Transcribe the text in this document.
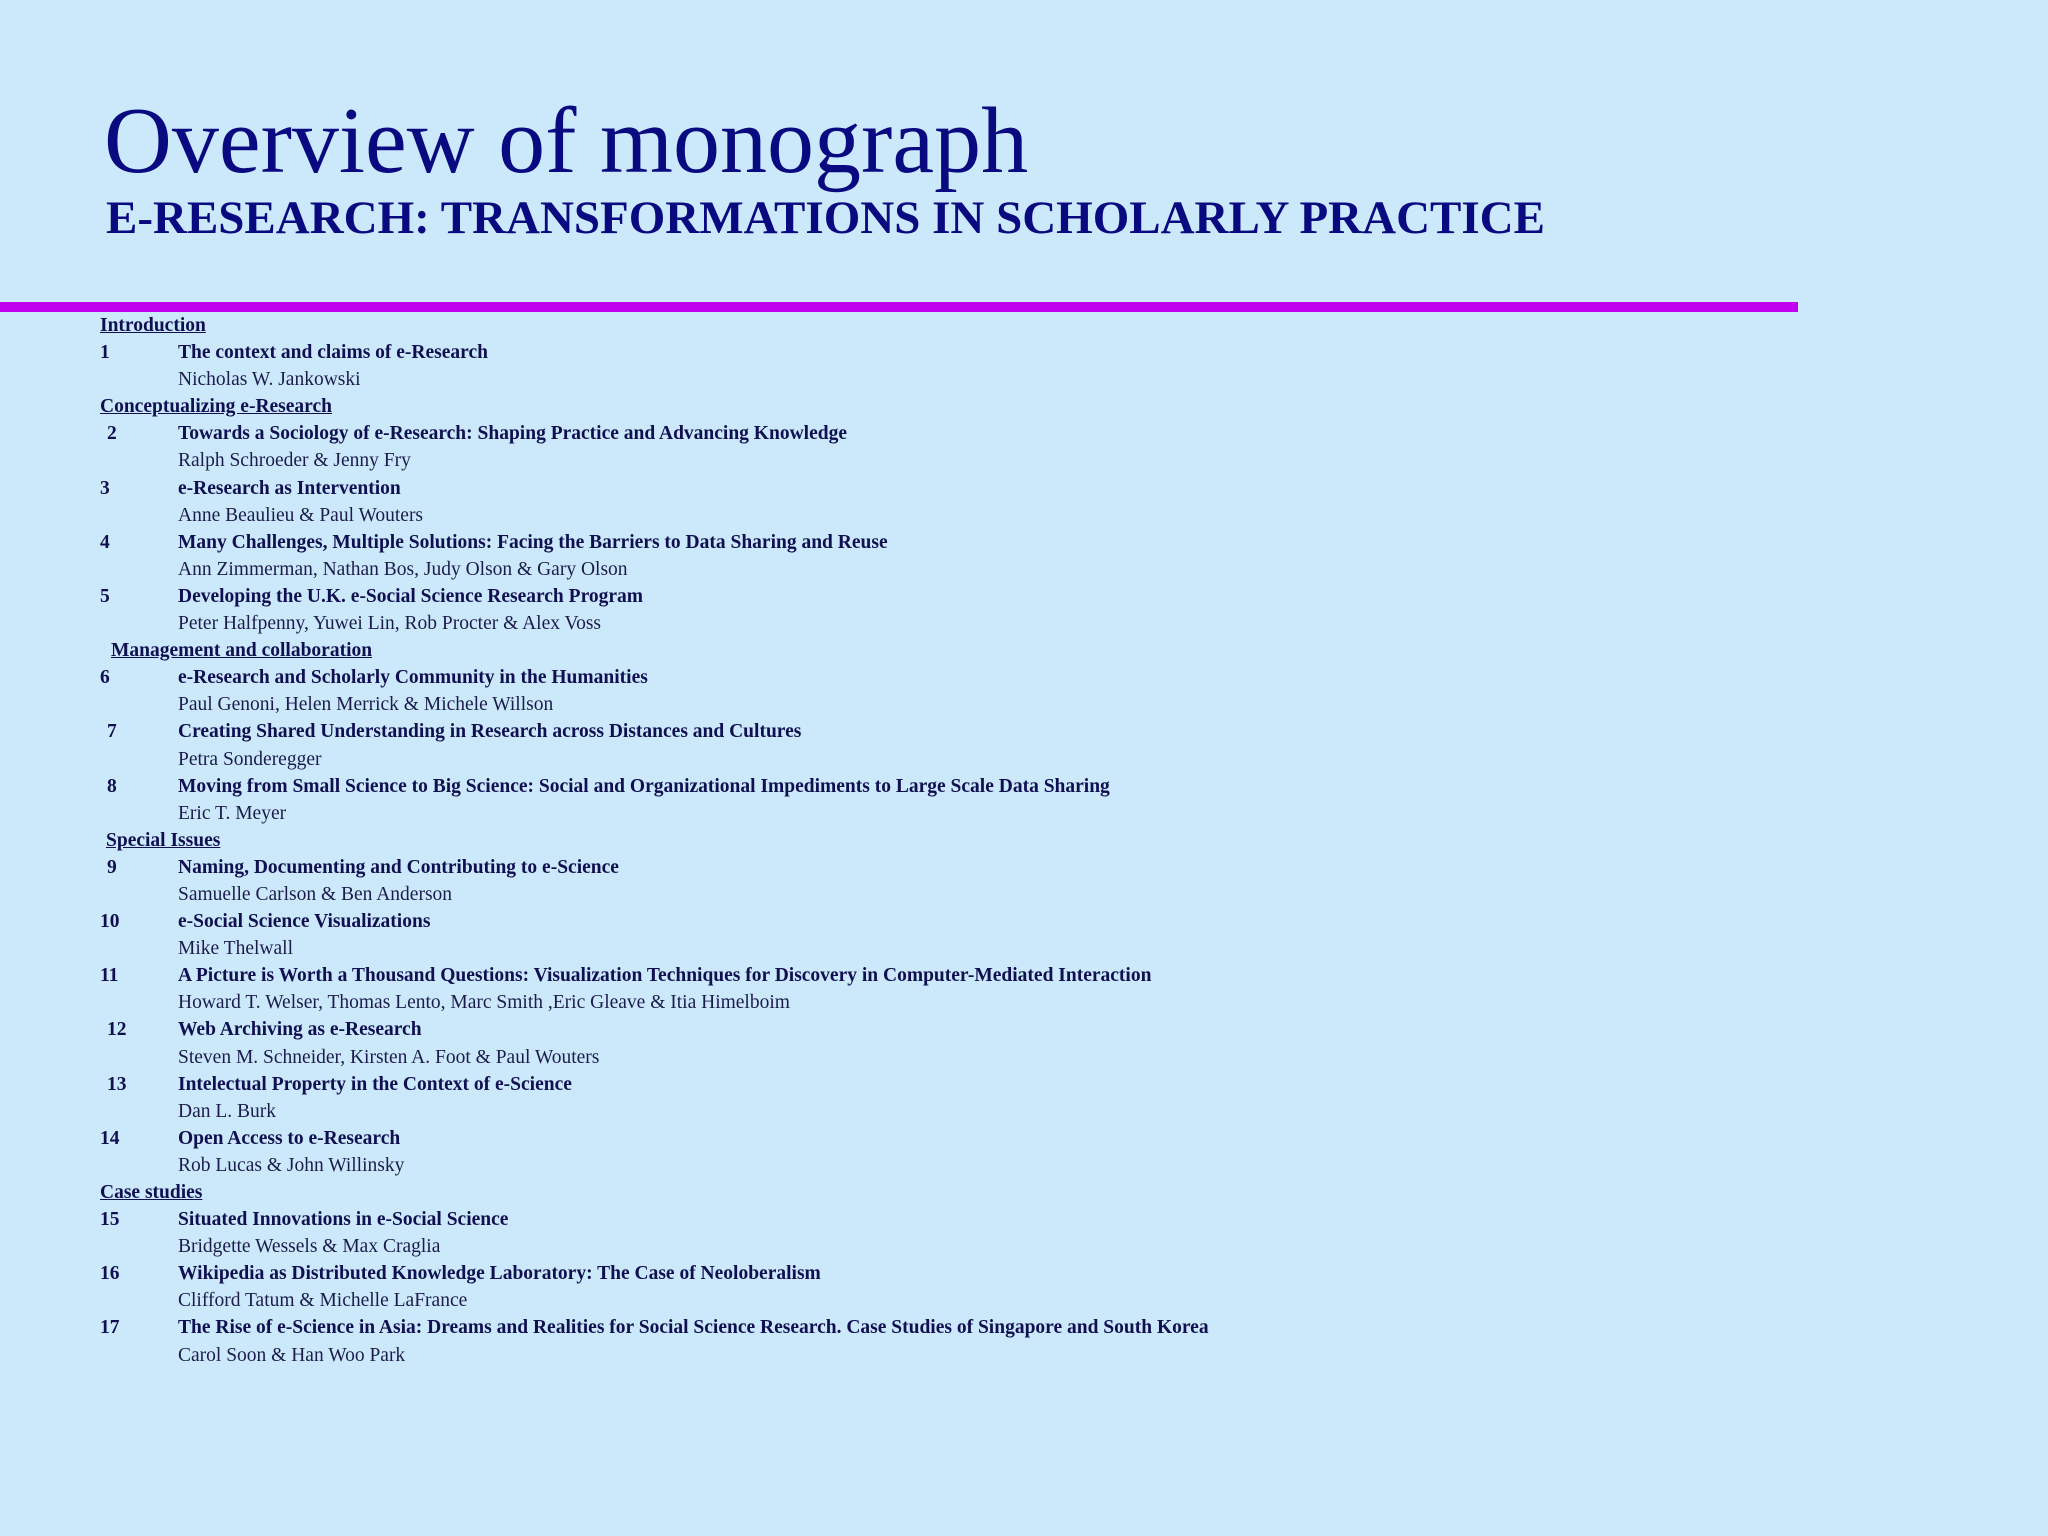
Overview of monograph
E-RESEARCH: TRANSFORMATIONS IN SCHOLARLY PRACTICE
Introduction
1	The context and claims of e-Research
Nicholas W. Jankowski
Conceptualizing e-Research
2	Towards a Sociology of e-Research: Shaping Practice and Advancing Knowledge
Ralph Schroeder & Jenny Fry
3	e-Research as Intervention
Anne Beaulieu & Paul Wouters
4	Many Challenges, Multiple Solutions: Facing the Barriers to Data Sharing and Reuse
Ann Zimmerman, Nathan Bos, Judy Olson & Gary Olson
5	Developing the U.K. e-Social Science Research Program
Peter Halfpenny, Yuwei Lin, Rob Procter & Alex Voss
Management and collaboration
6	e-Research and Scholarly Community in the Humanities
Paul Genoni, Helen Merrick & Michele Willson
7	Creating Shared Understanding in Research across Distances and Cultures
Petra Sonderegger
8	Moving from Small Science to Big Science: Social and Organizational Impediments to Large Scale Data Sharing
Eric T. Meyer
Special Issues
9	Naming, Documenting and Contributing to e-Science
Samuelle Carlson & Ben Anderson
10	e-Social Science Visualizations
Mike Thelwall
11	A Picture is Worth a Thousand Questions: Visualization Techniques for Discovery in Computer-Mediated Interaction
Howard T. Welser, Thomas Lento, Marc Smith ,Eric Gleave & Itia Himelboim
12	Web Archiving as e-Research
Steven M. Schneider, Kirsten A. Foot & Paul Wouters
13	Intelectual Property in the Context of e-Science
Dan L. Burk
14	Open Access to e-Research
Rob Lucas & John Willinsky
Case studies
15	Situated Innovations in e-Social Science
Bridgette Wessels & Max Craglia
16	Wikipedia as Distributed Knowledge Laboratory: The Case of Neoloberalism
Clifford Tatum & Michelle LaFrance
17	The Rise of e-Science in Asia: Dreams and Realities for Social Science Research. Case Studies of Singapore and South Korea
Carol Soon & Han Woo Park
